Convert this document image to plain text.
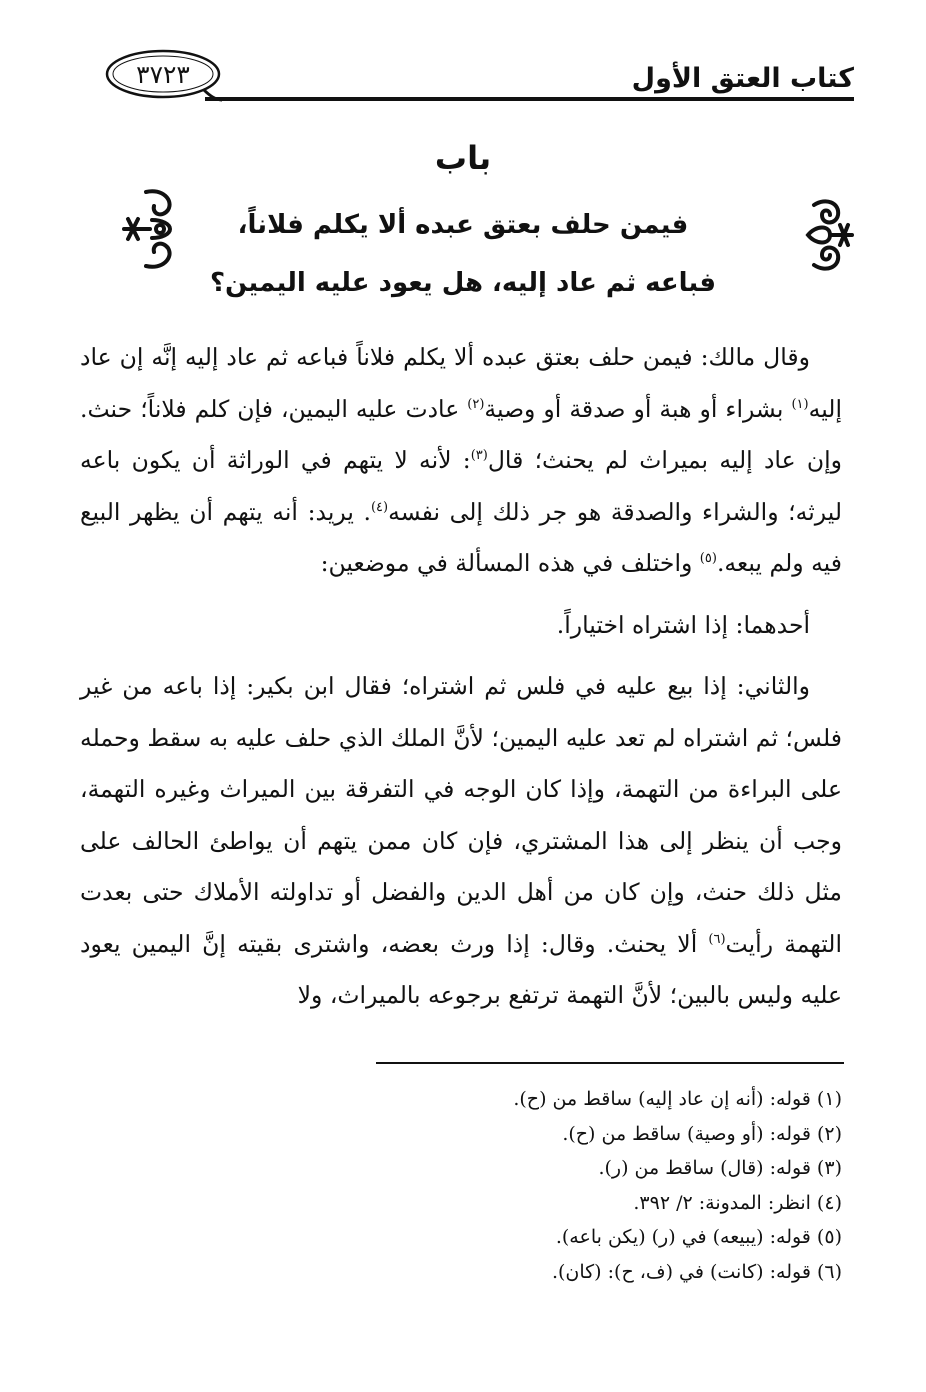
كتاب العتق الأول
٣٧٢٣
باب
فيمن حلف بعتق عبده ألا يكلم فلاناً،
فباعه ثم عاد إليه، هل يعود عليه اليمين؟

وقال مالك: فيمن حلف بعتق عبده ألا يكلم فلاناً فباعه ثم عاد إليه إنَّه إن عاد إليه$^{(١)}$ بشراء أو هبة أو صدقة أو وصية$^{(٢)}$ عادت عليه اليمين، فإن كلم فلاناً؛ حنث. وإن عاد إليه بميراث لم يحنث؛ قال$^{(٣)}$: لأنه لا يتهم في الوراثة أن يكون باعه ليرثه؛ والشراء والصدقة هو جر ذلك إلى نفسه$^{(٤)}$. يريد: أنه يتهم أن يظهر البيع فيه ولم يبعه.$^{(٥)}$ واختلف في هذه المسألة في موضعين:

أحدهما: إذا اشتراه اختياراً.

والثاني: إذا بيع عليه في فلس ثم اشتراه؛ فقال ابن بكير: إذا باعه من غير فلس؛ ثم اشتراه لم تعد عليه اليمين؛ لأنَّ الملك الذي حلف عليه به سقط وحمله على البراءة من التهمة، وإذا كان الوجه في التفرقة بين الميراث وغيره التهمة، وجب أن ينظر إلى هذا المشتري، فإن كان ممن يتهم أن يواطئ الحالف على مثل ذلك حنث، وإن كان من أهل الدين والفضل أو تداولته الأملاك حتى بعدت التهمة رأيت$^{(٦)}$ ألا يحنث. وقال: إذا ورث بعضه، واشترى بقيته إنَّ اليمين يعود عليه وليس بالبين؛ لأنَّ التهمة ترتفع برجوعه بالميراث، ولا

(١) قوله: (أنه إن عاد إليه) ساقط من (ح).
(٢) قوله: (أو وصية) ساقط من (ح).
(٣) قوله: (قال) ساقط من (ر).
(٤) انظر: المدونة: ٢/ ٣٩٢.
(٥) قوله: (يبيعه) في (ر) (يكن باعه).
(٦) قوله: (كانت) في (ف، ح): (كان).
